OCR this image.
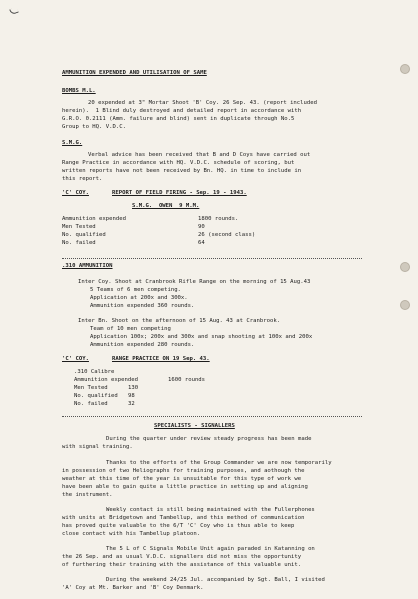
AMMUNITION EXPENDED AND UTILISATION OF SAME
BOMBS M.L.
20 expended at 3" Mortar Shoot 'B' Coy. 26 Sep. 43. (report included
herein).  1 Blind duly destroyed and detailed report in accordance with
G.R.O. 0.2111 (Amm. failure and blind) sent in duplicate through No.5
Group to HQ. V.D.C.
S.M.G.
Verbal advice has been received that B and D Coys have carried out
Range Practice in accordance with HQ. V.D.C. schedule of scoring, but
written reports have not been received by Bn. HQ. in time to include in
this report.
'C' COY.	REPORT OF FIELD FIRING - Sep. 19 - 1943.
S.M.G.  OWEN  9 M.M.
Ammunition expended	1800 rounds.
Men Tested	90
No. qualified	26 (second class)
No. failed	64
.310 AMMUNITION
Inter Coy. Shoot at Cranbrook Rifle Range on the morning of 15 Aug.43
5 Teams of 6 men competing.
Application at 200x and 300x.
Ammunition expended 360 rounds.
Inter Bn. Shoot on the afternoon of 15 Aug. 43 at Cranbrook.
Team of 10 men competing
Application 100x; 200x and 300x and snap shooting at 100x and 200x
Ammunition expended 280 rounds.
'C' COY.	RANGE PRACTICE ON 19 Sep. 43.
.310 Calibre
Ammunition expended	1600 rounds
Men Tested	130
No. qualified 98
No. failed	32
SPECIALISTS - SIGNALLERS
During the quarter under review steady progress has been made
with signal training.
Thanks to the efforts of the Group Commander we are now temporarily
in possession of two Heliographs for training purposes, and aothough the
weather at this time of the year is unsuitable for this type of work we
have been able to gain quite a little practice in setting up and aligning
the instrument.
Weekly contact is still being maintained with the Fullerphones
with units at Bridgetown and Tambellup, and this method of communication
has proved quite valuable to the 6/T 'C' Coy who is thus able to keep
close contact with his Tambellup platoon.
The 5 L of C Signals Mobile Unit again paraded in Katanning on
the 26 Sep. and as usual V.D.C. signallers did not miss the opportunity
of furthering their training with the assistance of this valuable unit.
During the weekend 24/25 Jul. accompanied by Sgt. Ball, I visited
'A' Coy at Mt. Barker and 'B' Coy Denmark.
